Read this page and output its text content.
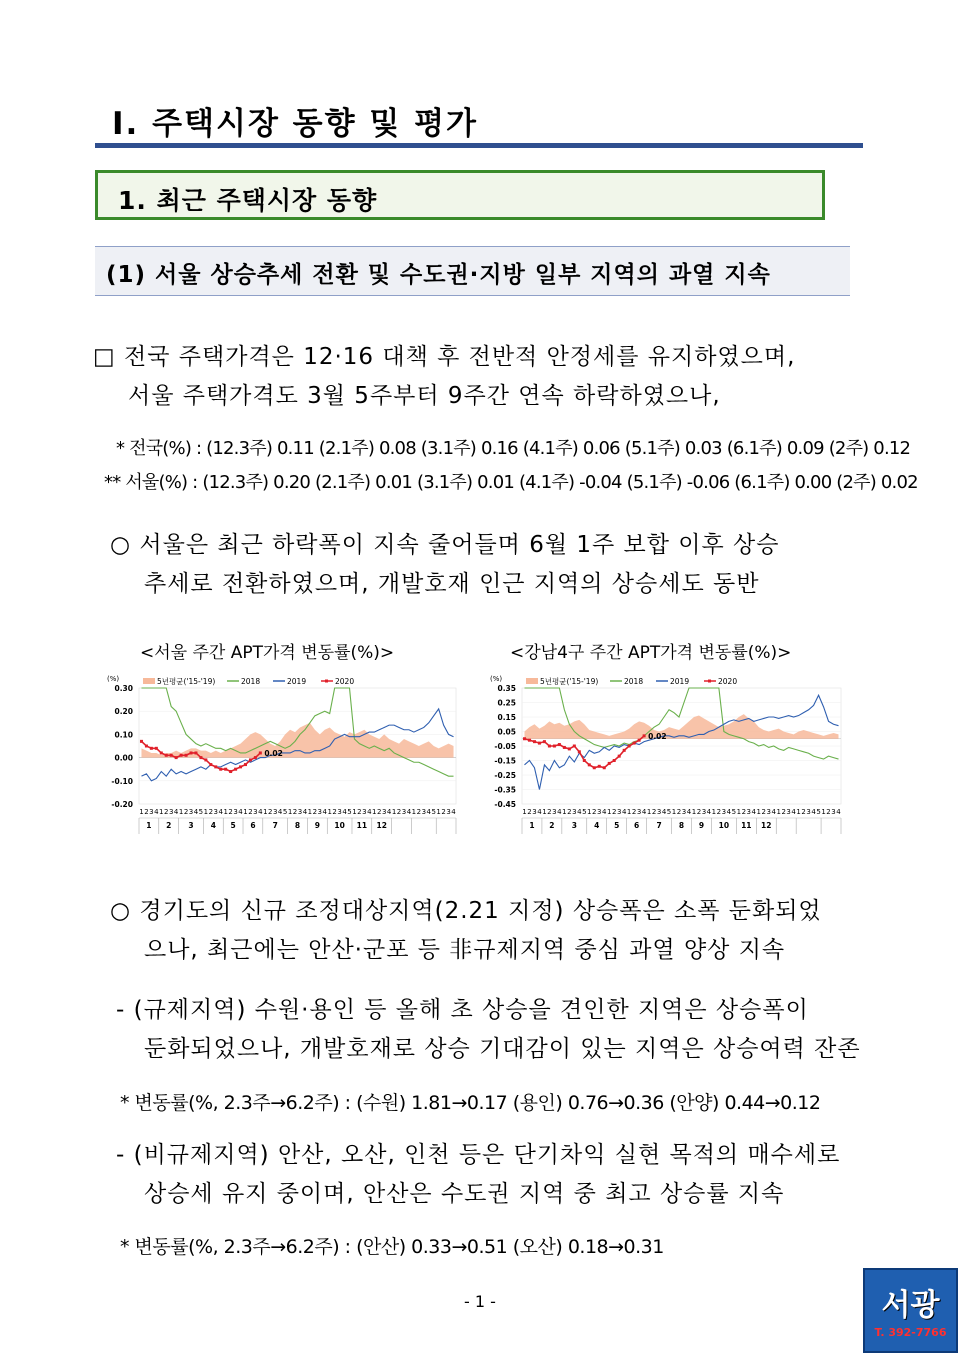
Ⅰ. 주택시장 동향 및 평가
1. 최근 주택시장 동향
(1) 서울 상승추세 전환 및 수도권·지방 일부 지역의 과열 지속
□ 전국 주택가격은 12·16 대책 후 전반적 안정세를 유지하였으며,
서울 주택가격도 3월 5주부터 9주간 연속 하락하였으나,
* 전국(%) : (12.3주) 0.11 (2.1주) 0.08 (3.1주) 0.16 (4.1주) 0.06 (5.1주) 0.03 (6.1주) 0.09 (2주) 0.12
** 서울(%) : (12.3주) 0.20 (2.1주) 0.01 (3.1주) 0.01 (4.1주) -0.04 (5.1주) -0.06 (6.1주) 0.00 (2주) 0.02
○ 서울은 최근 하락폭이 지속 줄어들며 6월 1주 보합 이후 상승
추세로 전환하였으며, 개발호재 인근 지역의 상승세도 동반
<서울 주간 APT가격 변동률(%)>	<강남4구 주간 APT가격 변동률(%)>
(%)
0.30
0.20
0.10
0.00
-0.10
-0.20
0.02
5년평균('15-'19)	2018	2019	2020
1 2 3 4 1 2 3 4 1 2 3 4 5 1 2 3 4 1 2 3 4 1 2 3 4 1 2 3 4 5 1 2 3 4 1 2 3 4 1 2 3 4 5 1 2 3 4 1 2 3 4 1 2 3 4 1 2 3 4 5 1 2 3 4
1 2 3 4 5 6 7 8 9 10 11 12
(%)
0.35
0.25
0.15
0.05
-0.05
-0.15
-0.25
-0.35
-0.45
0.02
5년평균('15-'19)	2018	2019	2020
1 2 3 4 1 2 3 4 1 2 3 4 5 1 2 3 4 1 2 3 4 1 2 3 4 1 2 3 4 5 1 2 3 4 1 2 3 4 1 2 3 4 5 1 2 3 4 1 2 3 4 1 2 3 4 1 2 3 4 5 1 2 3 4
1 2 3 4 5 6 7 8 9 10 11 12
○ 경기도의 신규 조정대상지역(2.21 지정) 상승폭은 소폭 둔화되었
으나, 최근에는 안산·군포 등 非규제지역 중심 과열 양상 지속
- (규제지역) 수원·용인 등 올해 초 상승을 견인한 지역은 상승폭이
둔화되었으나, 개발호재로 상승 기대감이 있는 지역은 상승여력 잔존
* 변동률(%, 2.3주→6.2주) : (수원) 1.81→0.17 (용인) 0.76→0.36 (안양) 0.44→0.12
- (비규제지역) 안산, 오산, 인천 등은 단기차익 실현 목적의 매수세로
상승세 유지 중이며, 안산은 수도권 지역 중 최고 상승률 지속
* 변동률(%, 2.3주→6.2주) : (안산) 0.33→0.51 (오산) 0.18→0.31
- 1 -	서광
T. 392-7766
